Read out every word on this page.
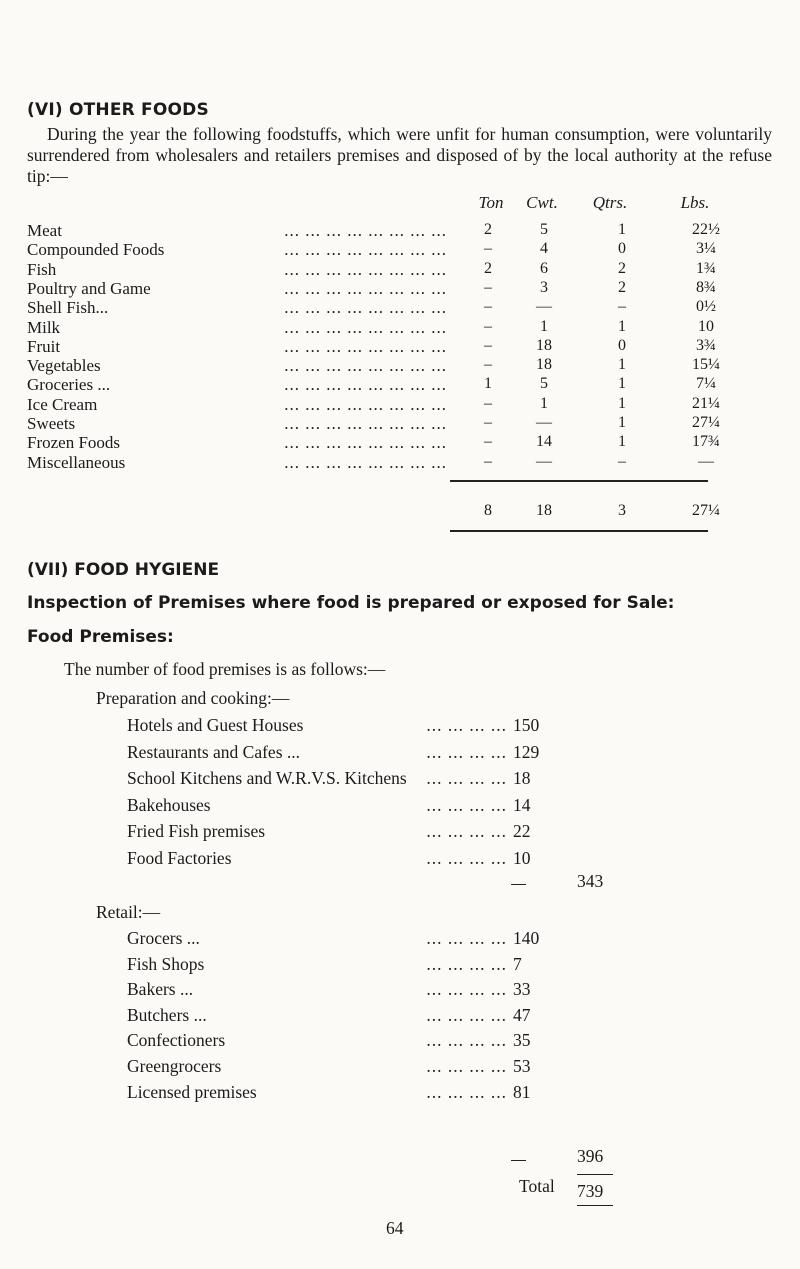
(VI) OTHER FOODS
During the year the following foodstuffs, which were unfit for human consumption, were voluntarily surrendered from wholesalers and retailers premises and disposed of by the local authority at the refuse tip:—
Ton	Cwt.	Qtrs.	Lbs.
Meat	2	5	1	22½
... ... ... ... ... ... ... ...
Compounded Foods	–	4	0	3¼
... ... ... ... ... ... ... ...
Fish	2	6	2	1¾
... ... ... ... ... ... ... ...
Poultry and Game	–	3	2	8¾
... ... ... ... ... ... ... ...
Shell Fish...	–	—	–	0½
... ... ... ... ... ... ... ...
Milk	–	1	1	10
... ... ... ... ... ... ... ...
Fruit	–	18	0	3¾
... ... ... ... ... ... ... ...
Vegetables	–	18	1	15¼
... ... ... ... ... ... ... ...
Groceries ...	1	5	1	7¼
... ... ... ... ... ... ... ...
Ice Cream	–	1	1	21¼
... ... ... ... ... ... ... ...
Sweets	–	—	1	27¼
... ... ... ... ... ... ... ...
Frozen Foods	–	14	1	17¾
... ... ... ... ... ... ... ...
Miscellaneous	–	—	–	—
... ... ... ... ... ... ... ...
8	18	3	27¼
(VII) FOOD HYGIENE
Inspection of Premises where food is prepared or exposed for Sale:
Food Premises:
The number of food premises is as follows:—
Preparation and cooking:—
... ... ... ...
Hotels and Guest Houses	150
... ... ... ...
Restaurants and Cafes ...	129
... ... ... ...
School Kitchens and W.R.V.S. Kitchens	18
... ... ... ...
Bakehouses	14
... ... ... ...
Fried Fish premises	22
... ... ... ...
Food Factories	10
343
Retail:—
... ... ... ...
Grocers ...	140
... ... ... ...
Fish Shops	7
... ... ... ...
Bakers ...	33
... ... ... ...
Butchers ...	47
... ... ... ...
Confectioners	35
... ... ... ...
Greengrocers	53
... ... ... ...
Licensed premises	81
396
Total 739
64
